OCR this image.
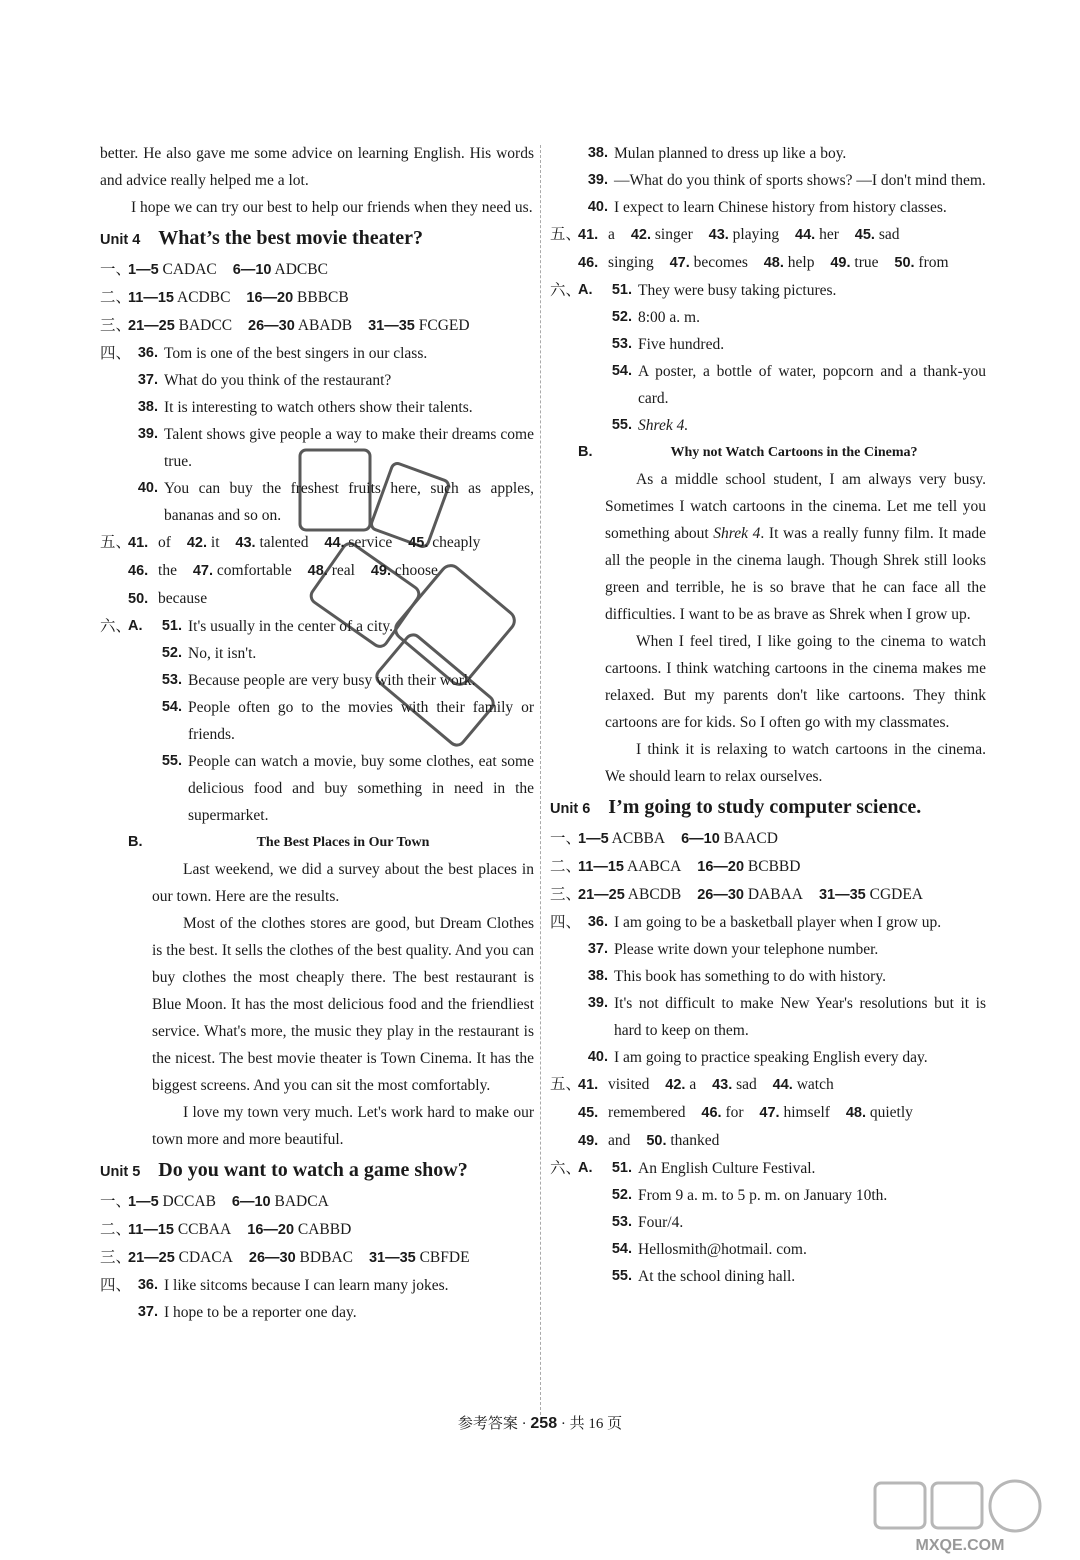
better. He also gave me some advice on learning English. His words and advice really helped me a lot.

I hope we can try our best to help our friends when they need us.

Unit 4 What’s the best movie theater?
一、
1—5 CADAC 6—10 ADCBC
二、
11—15 ACDBC 16—20 BBBCB
三、
21—25 BADCC 26—30 ABADB 31—35 FCGED
四、 36. Tom is one of the best singers in our class.
37. What do you think of the restaurant?
38. It is interesting to watch others show their talents.
39. Talent shows give people a way to make their dreams come true.
40. You can buy the freshest fruits here, such as apples, bananas and so on.
五、
41. of 42. it 43. talented 44. service 45. cheaply
46. the 47. comfortable 48. real 49. choose
50. because
六、
A.	51. It's usually in the center of a city.
52. No, it isn't.
53. Because people are very busy with their work.
54. People often go to the movies with their family or friends.
55. People can watch a movie, buy some clothes, eat some delicious food and buy something in need in the supermarket.
B.	The Best Places in Our Town

Last weekend, we did a survey about the best places in our town. Here are the results.

Most of the clothes stores are good, but Dream Clothes is the best. It sells the clothes of the best quality. And you can buy clothes the most cheaply there. The best restaurant is Blue Moon. It has the most delicious food and the friendliest service. What's more, the music they play in the restaurant is the nicest. The best movie theater is Town Cinema. It has the biggest screens. And you can sit the most comfortably.

I love my town very much. Let's work hard to make our town more and more beautiful.

Unit 5 Do you want to watch a game show?
一、
1—5 DCCAB 6—10 BADCA
二、
11—15 CCBAA 16—20 CABBD
三、
21—25 CDACA 26—30 BDBAC 31—35 CBFDE
四、 36. I like sitcoms because I can learn many jokes.
37. I hope to be a reporter one day.
38. Mulan planned to dress up like a boy.
39. —What do you think of sports shows? —I don't mind them.
40. I expect to learn Chinese history from history classes.
五、
41. a 42. singer 43. playing 44. her 45. sad
46. singing 47. becomes 48. help 49. true 50. from
六、
A.	51. They were busy taking pictures.
52. 8:00 a. m.
53. Five hundred.
54. A poster, a bottle of water, popcorn and a thank-you card.
55. Shrek 4.
B.	Why not Watch Cartoons in the Cinema?

As a middle school student, I am always very busy. Sometimes I watch cartoons in the cinema. Let me tell you something about Shrek 4. It was a really funny film. It made all the people in the cinema laugh. Though Shrek still looks green and terrible, he is so brave that he can face all the difficulties. I want to be as brave as Shrek when I grow up.

When I feel tired, I like going to the cinema to watch cartoons. I think watching cartoons in the cinema makes me relaxed. But my parents don't like cartoons. They think cartoons are for kids. So I often go with my classmates.

I think it is relaxing to watch cartoons in the cinema. We should learn to relax ourselves.

Unit 6 I’m going to study computer science.
一、
1—5 ACBBA 6—10 BAACD
二、
11—15 AABCA 16—20 BCBBD
三、
21—25 ABCDB 26—30 DABAA 31—35 CGDEA
四、 36. I am going to be a basketball player when I grow up.
37. Please write down your telephone number.
38. This book has something to do with history.
39. It's not difficult to make New Year's resolutions but it is hard to keep on them.
40. I am going to practice speaking English every day.
五、
41. visited 42. a 43. sad 44. watch
45. remembered 46. for 47. himself 48. quietly
49. and 50. thanked
六、
A.	51. An English Culture Festival.
52. From 9 a. m. to 5 p. m. on January 10th.
53. Four/4.
54. Hellosmith@hotmail. com.
55. At the school dining hall.
参考答案 · 258 · 共 16 页
MXQE.COM
